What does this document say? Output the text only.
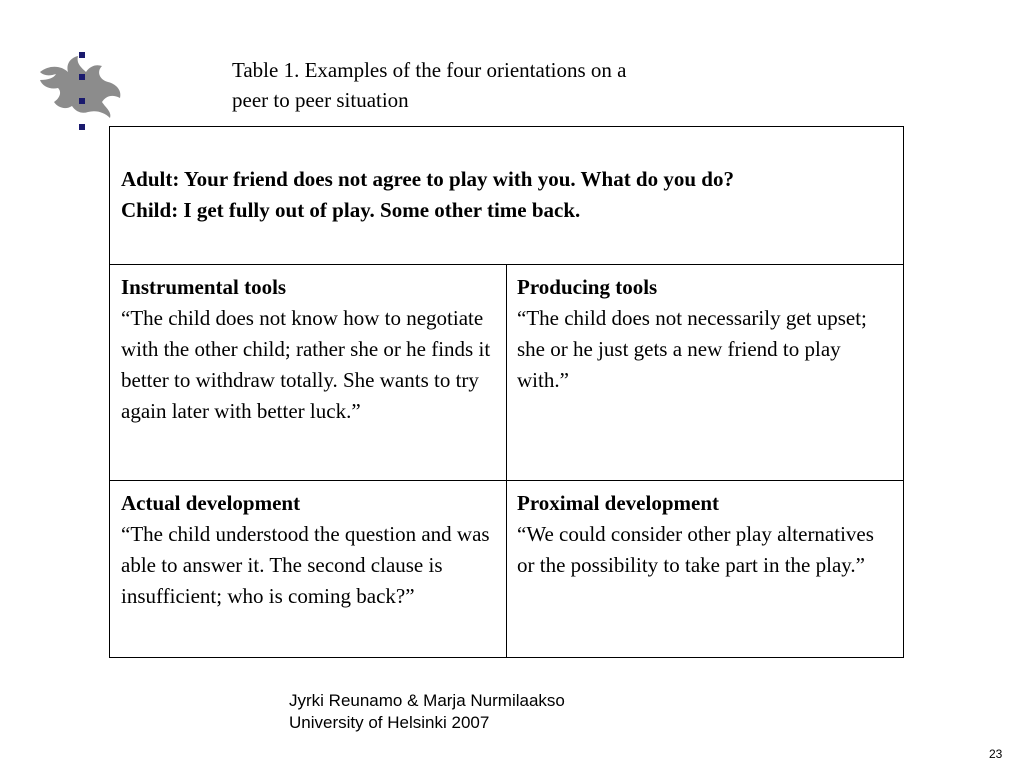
Table 1. Examples of the four orientations on a
peer to peer situation
Adult: Your friend does not agree to play with you. What do you do?
Child: I get fully out of play. Some other time back.
Instrumental tools
“The child does not know how to negotiate with the other child; rather she or he finds it better to withdraw totally. She wants to try again later with better luck.”
Producing tools
“The child does not necessarily get upset; she or he just gets a new friend to play with.”
Actual development
“The child understood the question and was able to answer it. The second clause is insufficient; who is coming back?”
Proximal development
“We could consider other play alternatives or the possibility to take part in the play.”
Jyrki Reunamo & Marja Nurmilaakso
University of Helsinki 2007
23
